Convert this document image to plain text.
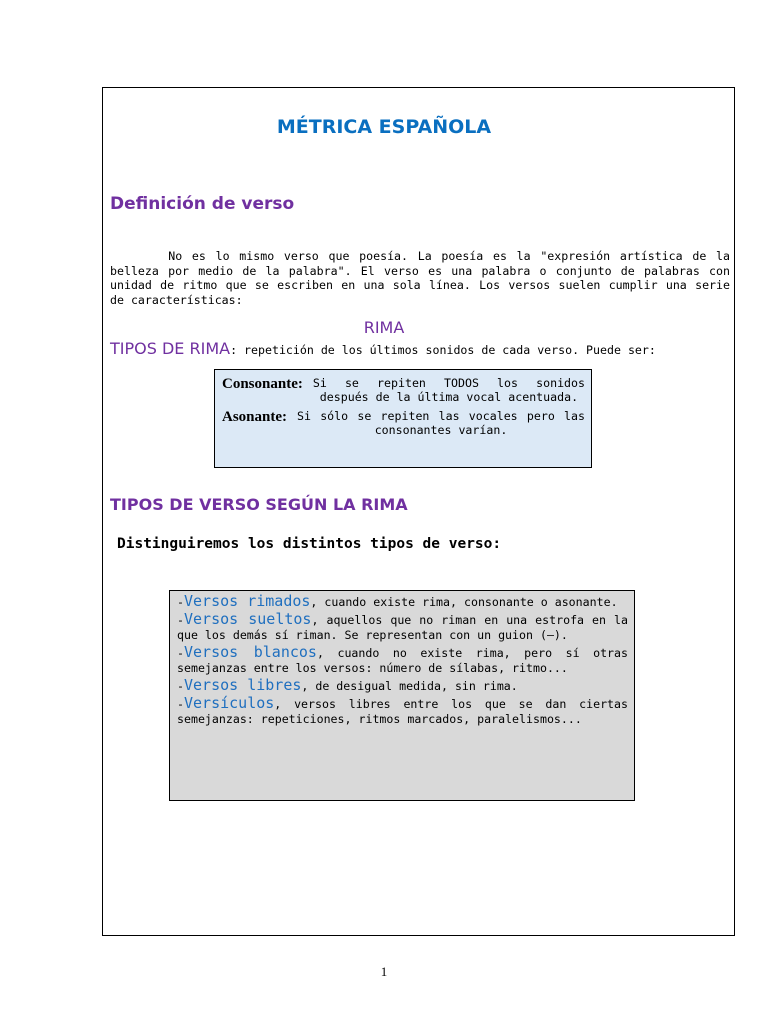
MÉTRICA ESPAÑOLA
Definición de verso

No es lo mismo verso que poesía. La poesía es la "expresión artística de la belleza por medio de la palabra". El verso es una palabra o conjunto de palabras con unidad de ritmo que se escriben en una sola línea. Los versos suelen cumplir una serie de características:

RIMA

TIPOS DE RIMA: repetición de los últimos sonidos de cada verso. Puede ser:

Consonante: Si se repiten TODOS los sonidos después de la última vocal acentuada.
Asonante: Si sólo se repiten las vocales pero las consonantes varían.
TIPOS DE VERSO SEGÚN LA RIMA

Distinguiremos los distintos tipos de verso:

-Versos rimados, cuando existe rima, consonante o asonante.

-Versos sueltos, aquellos que no riman en una estrofa en la que los demás sí riman. Se representan con un guion (–).

-Versos blancos, cuando no existe rima, pero sí otras semejanzas entre los versos: número de sílabas, ritmo...

-Versos libres, de desigual medida, sin rima.

-Versículos, versos libres entre los que se dan ciertas semejanzas: repeticiones, ritmos marcados, paralelismos...

1
